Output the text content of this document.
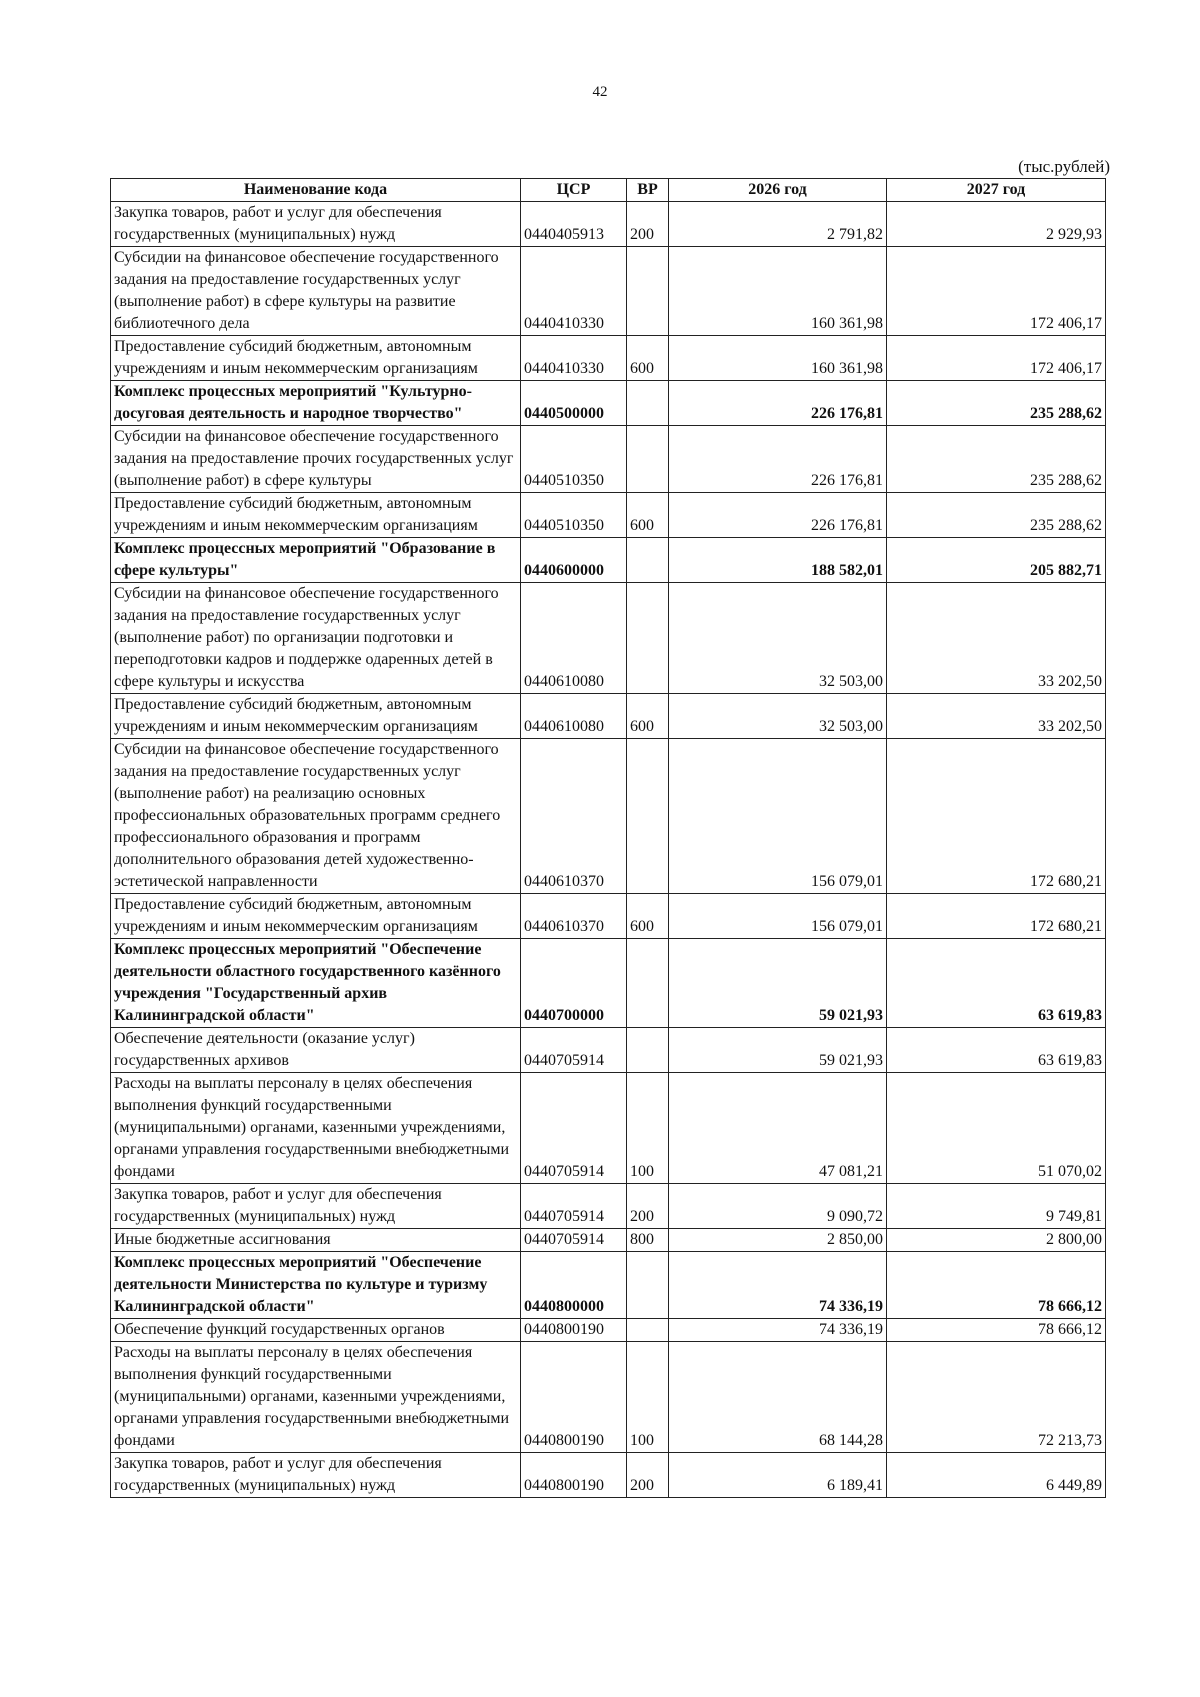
42
(тыс.рублей)
Наименование кода	ЦСР	ВР	2026 год	2027 год
Закупка товаров, работ и услуг для обеспечения государственных (муниципальных) нужд	0440405913	200	2 791,82	2 929,93
Субсидии на финансовое обеспечение государственного задания на предоставление государственных услуг (выполнение работ) в сфере культуры на развитие библиотечного дела	0440410330		160 361,98	172 406,17
Предоставление субсидий бюджетным, автономным учреждениям и иным некоммерческим организациям	0440410330	600	160 361,98	172 406,17
Комплекс процессных мероприятий "Культурно-досуговая деятельность и народное творчество"	0440500000		226 176,81	235 288,62
Субсидии на финансовое обеспечение государственного задания на предоставление прочих государственных услуг (выполнение работ) в сфере культуры	0440510350		226 176,81	235 288,62
Предоставление субсидий бюджетным, автономным учреждениям и иным некоммерческим организациям	0440510350	600	226 176,81	235 288,62
Комплекс процессных мероприятий "Образование в сфере культуры"	0440600000		188 582,01	205 882,71
Субсидии на финансовое обеспечение государственного задания на предоставление государственных услуг (выполнение работ) по организации подготовки и переподготовки кадров и поддержке одаренных детей в сфере культуры и искусства	0440610080		32 503,00	33 202,50
Предоставление субсидий бюджетным, автономным учреждениям и иным некоммерческим организациям	0440610080	600	32 503,00	33 202,50
Субсидии на финансовое обеспечение государственного задания на предоставление государственных услуг (выполнение работ) на реализацию основных профессиональных образовательных программ среднего профессионального образования и программ дополнительного образования детей художественно-эстетической направленности	0440610370		156 079,01	172 680,21
Предоставление субсидий бюджетным, автономным учреждениям и иным некоммерческим организациям	0440610370	600	156 079,01	172 680,21
Комплекс процессных мероприятий "Обеспечение деятельности областного государственного казённого учреждения "Государственный архив Калининградской области"	0440700000		59 021,93	63 619,83
Обеспечение деятельности (оказание услуг) государственных архивов	0440705914		59 021,93	63 619,83
Расходы на выплаты персоналу в целях обеспечения выполнения функций государственными (муниципальными) органами, казенными учреждениями, органами управления государственными внебюджетными фондами	0440705914	100	47 081,21	51 070,02
Закупка товаров, работ и услуг для обеспечения государственных (муниципальных) нужд	0440705914	200	9 090,72	9 749,81
Иные бюджетные ассигнования	0440705914	800	2 850,00	2 800,00
Комплекс процессных мероприятий "Обеспечение деятельности Министерства по культуре и туризму Калининградской области"	0440800000		74 336,19	78 666,12
Обеспечение функций государственных органов	0440800190		74 336,19	78 666,12
Расходы на выплаты персоналу в целях обеспечения выполнения функций государственными (муниципальными) органами, казенными учреждениями, органами управления государственными внебюджетными фондами	0440800190	100	68 144,28	72 213,73
Закупка товаров, работ и услуг для обеспечения государственных (муниципальных) нужд	0440800190	200	6 189,41	6 449,89
